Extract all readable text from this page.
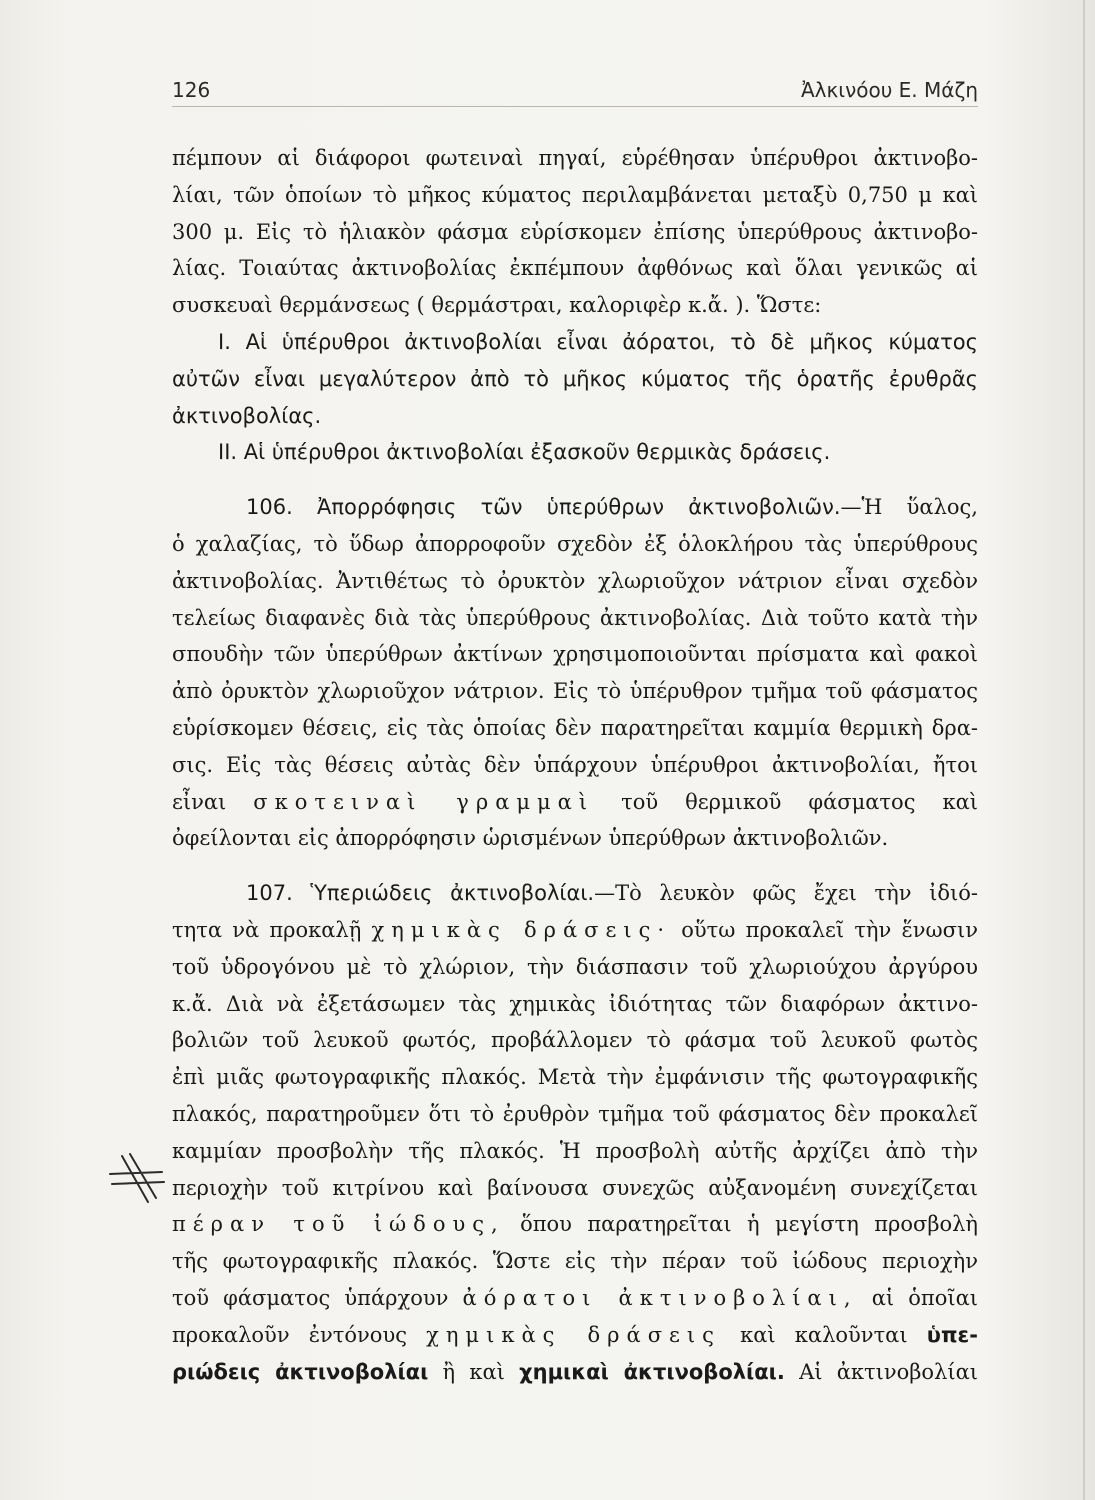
126	Ἀλκινόου Ε. Μάζη
πέμπουν αἱ διάφοροι φωτειναὶ πηγαί, εὑρέθησαν ὑπέρυθροι ἀκτινοβο-
λίαι, τῶν ὁποίων τὸ μῆκος κύματος περιλαμβάνεται μεταξὺ 0,750 μ καὶ
300 μ. Εἰς τὸ ἡλιακὸν φάσμα εὑρίσκομεν ἐπίσης ὑπερύθρους ἀκτινοβο-
λίας. Τοιαύτας ἀκτινοβολίας ἐκπέμπουν ἀφθόνως καὶ ὅλαι γενικῶς αἱ
συσκευαὶ θερμάνσεως ( θερμάστραι, καλοριφὲρ κ.ἄ. ). Ὥστε:
Ι. Αἱ ὑπέρυθροι ἀκτινοβολίαι εἶναι ἀόρατοι, τὸ δὲ μῆκος κύματος
αὐτῶν εἶναι μεγαλύτερον ἀπὸ τὸ μῆκος κύματος τῆς ὁρατῆς ἐρυθρᾶς
ἀκτινοβολίας.
ΙΙ. Αἱ ὑπέρυθροι ἀκτινοβολίαι ἐξασκοῦν θερμικὰς δράσεις.
106. Ἀπορρόφησις τῶν ὑπερύθρων ἀκτινοβολιῶν.—Ἡ ὕαλος,
ὁ χαλαζίας, τὸ ὕδωρ ἀπορροφοῦν σχεδὸν ἐξ ὁλοκλήρου τὰς ὑπερύθρους
ἀκτινοβολίας. Ἀντιθέτως τὸ ὀρυκτὸν χλωριοῦχον νάτριον εἶναι σχεδὸν
τελείως διαφανὲς διὰ τὰς ὑπερύθρους ἀκτινοβολίας. Διὰ τοῦτο κατὰ τὴν
σπουδὴν τῶν ὑπερύθρων ἀκτίνων χρησιμοποιοῦνται πρίσματα καὶ φακοὶ
ἀπὸ ὀρυκτὸν χλωριοῦχον νάτριον. Εἰς τὸ ὑπέρυθρον τμῆμα τοῦ φάσματος
εὑρίσκομεν θέσεις, εἰς τὰς ὁποίας δὲν παρατηρεῖται καμμία θερμικὴ δρα-
σις. Εἰς τὰς θέσεις αὐτὰς δὲν ὑπάρχουν ὑπέρυθροι ἀκτινοβολίαι, ἤτοι
εἶναι σκοτειναὶ γραμμαὶ τοῦ θερμικοῦ φάσματος καὶ
ὀφείλονται εἰς ἀπορρόφησιν ὡρισμένων ὑπερύθρων ἀκτινοβολιῶν.
107. Ὑπεριώδεις ἀκτινοβολίαι.—Τὸ λευκὸν φῶς ἔχει τὴν ἰδιό-
τητα νὰ προκαλῇ χημικὰς δράσεις· οὕτω προκαλεῖ τὴν ἕνωσιν
τοῦ ὑδρογόνου μὲ τὸ χλώριον, τὴν διάσπασιν τοῦ χλωριούχου ἀργύρου
κ.ἄ. Διὰ νὰ ἐξετάσωμεν τὰς χημικὰς ἰδιότητας τῶν διαφόρων ἀκτινο-
βολιῶν τοῦ λευκοῦ φωτός, προβάλλομεν τὸ φάσμα τοῦ λευκοῦ φωτὸς
ἐπὶ μιᾶς φωτογραφικῆς πλακός. Μετὰ τὴν ἐμφάνισιν τῆς φωτογραφικῆς
πλακός, παρατηροῦμεν ὅτι τὸ ἐρυθρὸν τμῆμα τοῦ φάσματος δὲν προκαλεῖ
καμμίαν προσβολὴν τῆς πλακός. Ἡ προσβολὴ αὐτῆς ἀρχίζει ἀπὸ τὴν
περιοχὴν τοῦ κιτρίνου καὶ βαίνουσα συνεχῶς αὐξανομένη συνεχίζεται
πέραν τοῦ ἰώδους, ὅπου παρατηρεῖται ἡ μεγίστη προσβολὴ
τῆς φωτογραφικῆς πλακός. Ὥστε εἰς τὴν πέραν τοῦ ἰώδους περιοχὴν
τοῦ φάσματος ὑπάρχουν ἀόρατοι ἀκτινοβολίαι, αἱ ὁποῖαι
προκαλοῦν ἐντόνους χημικὰς δράσεις καὶ καλοῦνται ὑπε-
ριώδεις ἀκτινοβολίαι ἢ καὶ χημικαὶ ἀκτινοβολίαι. Αἱ ἀκτινοβολίαι
